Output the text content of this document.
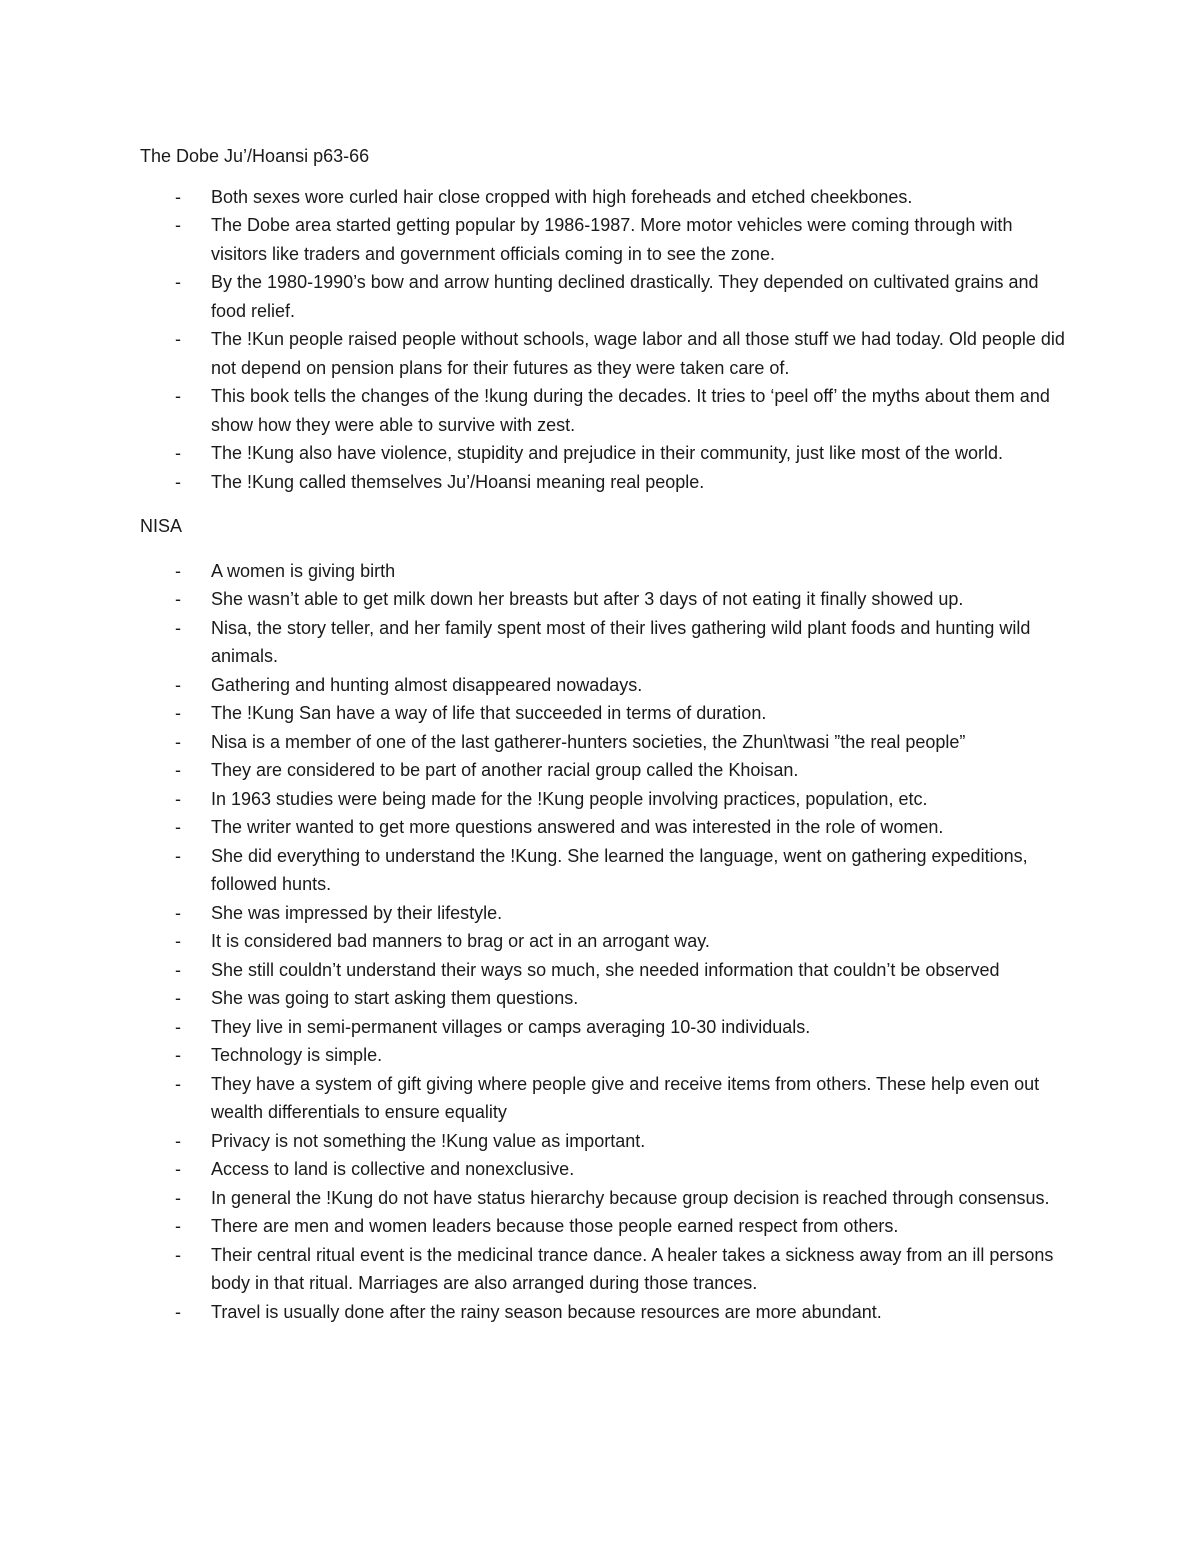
The Dobe Ju’/Hoansi p63-66

- Both sexes wore curled hair close cropped with high foreheads and etched cheekbones.
- The Dobe area started getting popular by 1986-1987. More motor vehicles were coming through with visitors like traders and government officials coming in to see the zone.
- By the 1980-1990’s bow and arrow hunting declined drastically. They depended on cultivated grains and food relief.
- The !Kun people raised people without schools, wage labor and all those stuff we had today. Old people did not depend on pension plans for their futures as they were taken care of.
- This book tells the changes of the !kung during the decades. It tries to ‘peel off’ the myths about them and show how they were able to survive with zest.
- The !Kung also have violence, stupidity and prejudice in their community, just like most of the world.
- The !Kung called themselves Ju’/Hoansi meaning real people.

NISA

- A women is giving birth
- She wasn’t able to get milk down her breasts but after 3 days of not eating it finally showed up.
- Nisa, the story teller, and her family spent most of their lives gathering wild plant foods and hunting wild animals.
- Gathering and hunting almost disappeared nowadays.
- The !Kung San have a way of life that succeeded in terms of duration.
- Nisa is a member of one of the last gatherer-hunters societies, the Zhun\twasi ”the real people”
- They are considered to be part of another racial group called the Khoisan.
- In 1963 studies were being made for the !Kung people involving practices, population, etc.
- The writer wanted to get more questions answered and was interested in the role of women.
- She did everything to understand the !Kung. She learned the language, went on gathering expeditions, followed hunts.
- She was impressed by their lifestyle.
- It is considered bad manners to brag or act in an arrogant way.
- She still couldn’t understand their ways so much, she needed information that couldn’t be observed
- She was going to start asking them questions.
- They live in semi-permanent villages or camps averaging 10-30 individuals.
- Technology is simple.
- They have a system of gift giving where people give and receive items from others. These help even out wealth differentials to ensure equality
- Privacy is not something the !Kung value as important.
- Access to land is collective and nonexclusive.
- In general the !Kung do not have status hierarchy because group decision is reached through consensus.
- There are men and women leaders because those people earned respect from others.
- Their central ritual event is the medicinal trance dance. A healer takes a sickness away from an ill persons body in that ritual. Marriages are also arranged during those trances.
- Travel is usually done after the rainy season because resources are more abundant.
